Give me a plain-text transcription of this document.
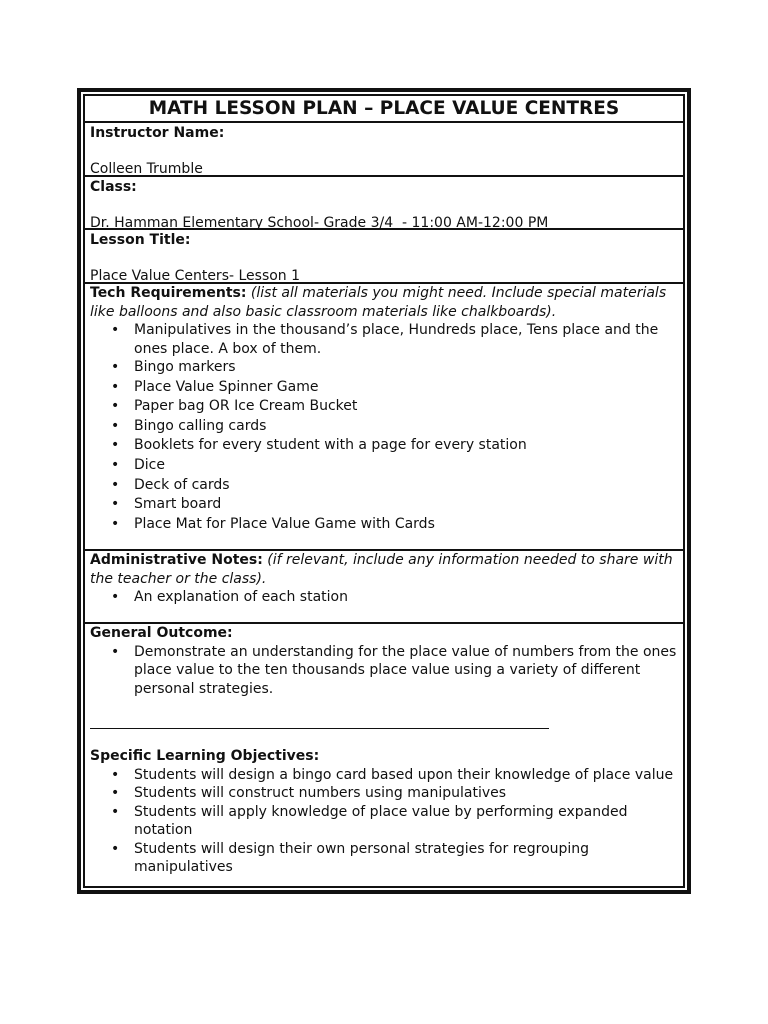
MATH LESSON PLAN – PLACE VALUE CENTRES
Instructor Name:
Colleen Trumble
Class:
Dr. Hamman Elementary School- Grade 3/4  - 11:00 AM-12:00 PM
Lesson Title:
Place Value Centers- Lesson 1
Tech Requirements: (list all materials you might need. Include special materials like balloons and also basic classroom materials like chalkboards).
• Manipulatives in the thousand’s place, Hundreds place, Tens place and the ones place. A box of them.
• Bingo markers
• Place Value Spinner Game
• Paper bag OR Ice Cream Bucket
• Bingo calling cards
• Booklets for every student with a page for every station
• Dice
• Deck of cards
• Smart board
• Place Mat for Place Value Game with Cards
Administrative Notes: (if relevant, include any information needed to share with the teacher or the class).
• An explanation of each station
General Outcome:
• Demonstrate an understanding for the place value of numbers from the ones place value to the ten thousands place value using a variety of different personal strategies.
Specific Learning Objectives:
• Students will design a bingo card based upon their knowledge of place value
• Students will construct numbers using manipulatives
• Students will apply knowledge of place value by performing expanded notation
• Students will design their own personal strategies for regrouping manipulatives
